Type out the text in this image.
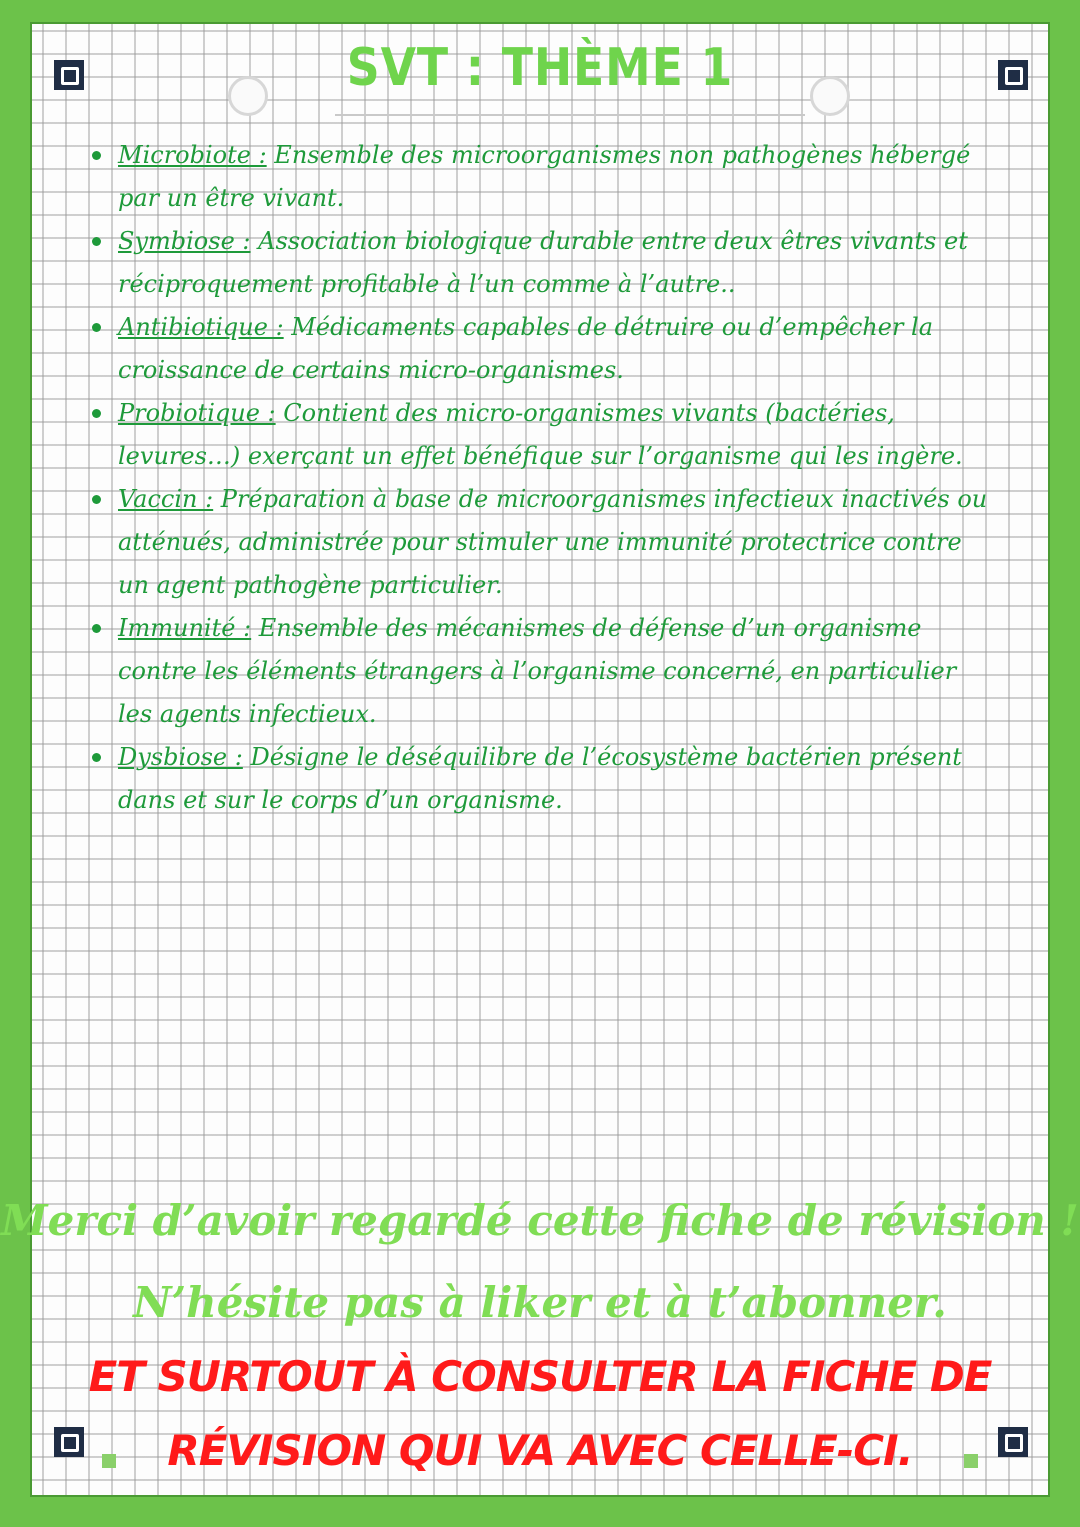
SVT : THÈME 1
Microbiote : Ensemble des microorganismes non pathogènes hébergé par un être vivant.
Symbiose : Association biologique durable entre deux êtres vivants et réciproquement profitable à l’un comme à l’autre..
Antibiotique : Médicaments capables de détruire ou d’empêcher la croissance de certains micro-organismes.
Probiotique : Contient des micro-organismes vivants (bactéries, levures…) exerçant un effet bénéfique sur l’organisme qui les ingère.
Vaccin : Préparation à base de microorganismes infectieux inactivés ou atténués, administrée pour stimuler une immunité protectrice contre un agent pathogène particulier.
Immunité : Ensemble des mécanismes de défense d’un organisme contre les éléments étrangers à l’organisme concerné, en particulier les agents infectieux.
Dysbiose : Désigne le déséquilibre de l’écosystème bactérien présent dans et sur le corps d’un organisme.
Merci d’avoir regardé cette fiche de révision !
N’hésite pas à liker et à t’abonner.
ET SURTOUT À CONSULTER LA FICHE DE
RÉVISION QUI VA AVEC CELLE-CI.
